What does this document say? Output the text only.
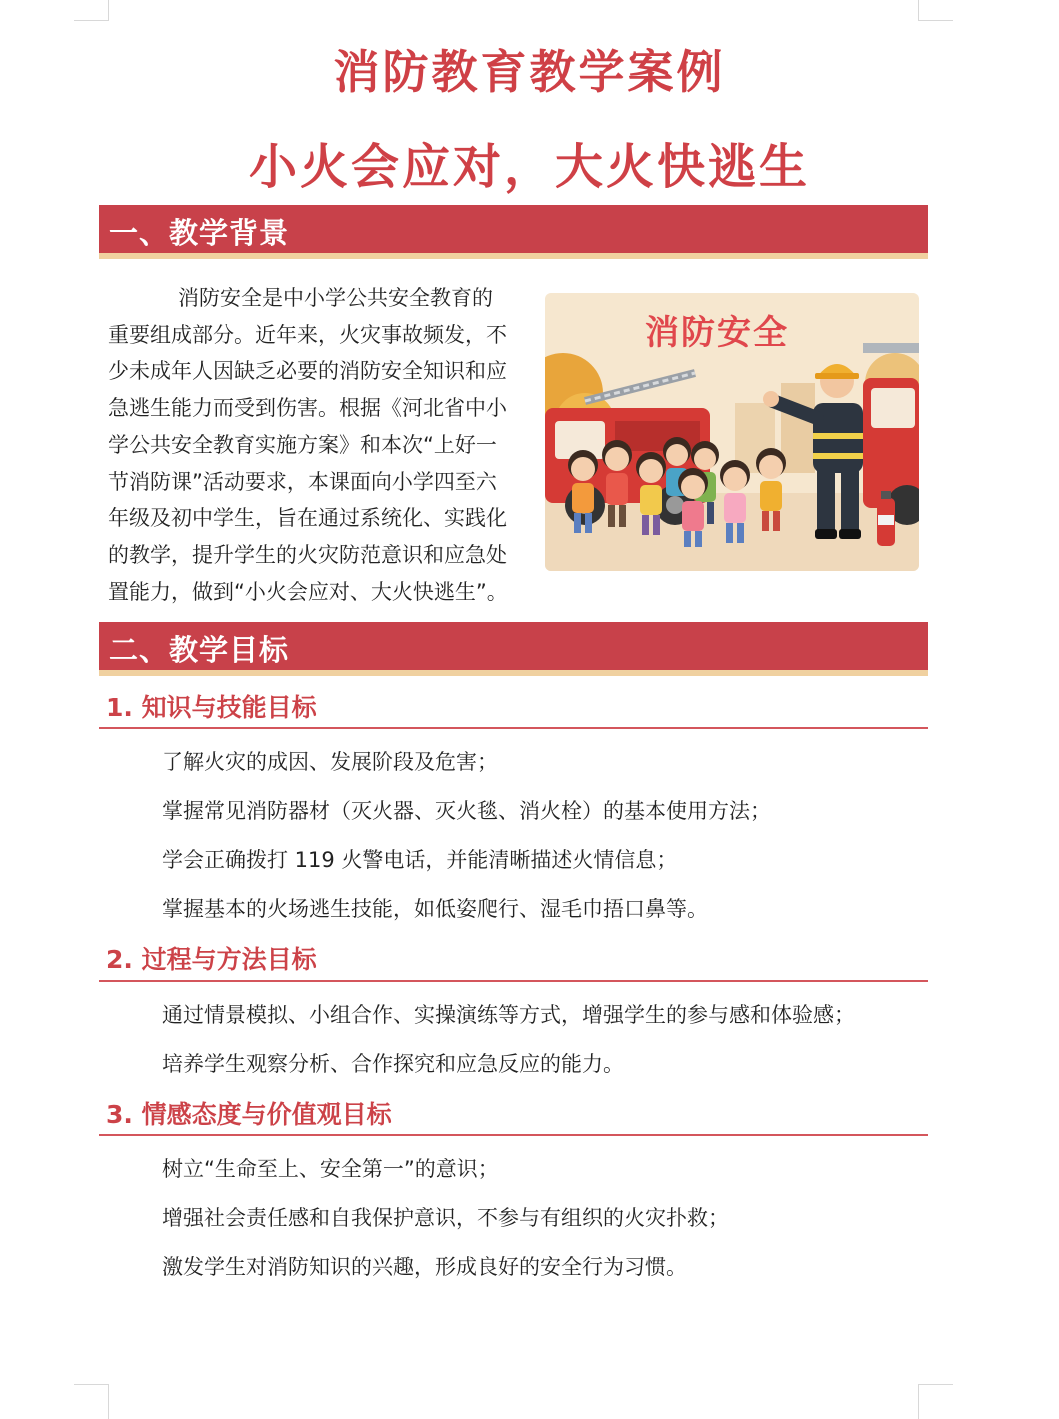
消防教育教学案例
小火会应对，大火快逃生
一、教学背景

消防安全是中小学公共安全教育的重要组成部分。近年来，火灾事故频发，不少未成年人因缺乏必要的消防安全知识和应急逃生能力而受到伤害。根据《河北省中小学公共安全教育实施方案》和本次“上好一节消防课”活动要求，本课面向小学四至六年级及初中学生，旨在通过系统化、实践化的教学，提升学生的火灾防范意识和应急处置能力，做到“小火会应对、大火快逃生”。

消防安全
二、教学目标
1. 知识与技能目标

了解火灾的成因、发展阶段及危害；

掌握常见消防器材（灭火器、灭火毯、消火栓）的基本使用方法；

学会正确拨打 119 火警电话，并能清晰描述火情信息；

掌握基本的火场逃生技能，如低姿爬行、湿毛巾捂口鼻等。

2. 过程与方法目标

通过情景模拟、小组合作、实操演练等方式，增强学生的参与感和体验感；

培养学生观察分析、合作探究和应急反应的能力。

3. 情感态度与价值观目标

树立“生命至上、安全第一”的意识；

增强社会责任感和自我保护意识，不参与有组织的火灾扑救；

激发学生对消防知识的兴趣，形成良好的安全行为习惯。
